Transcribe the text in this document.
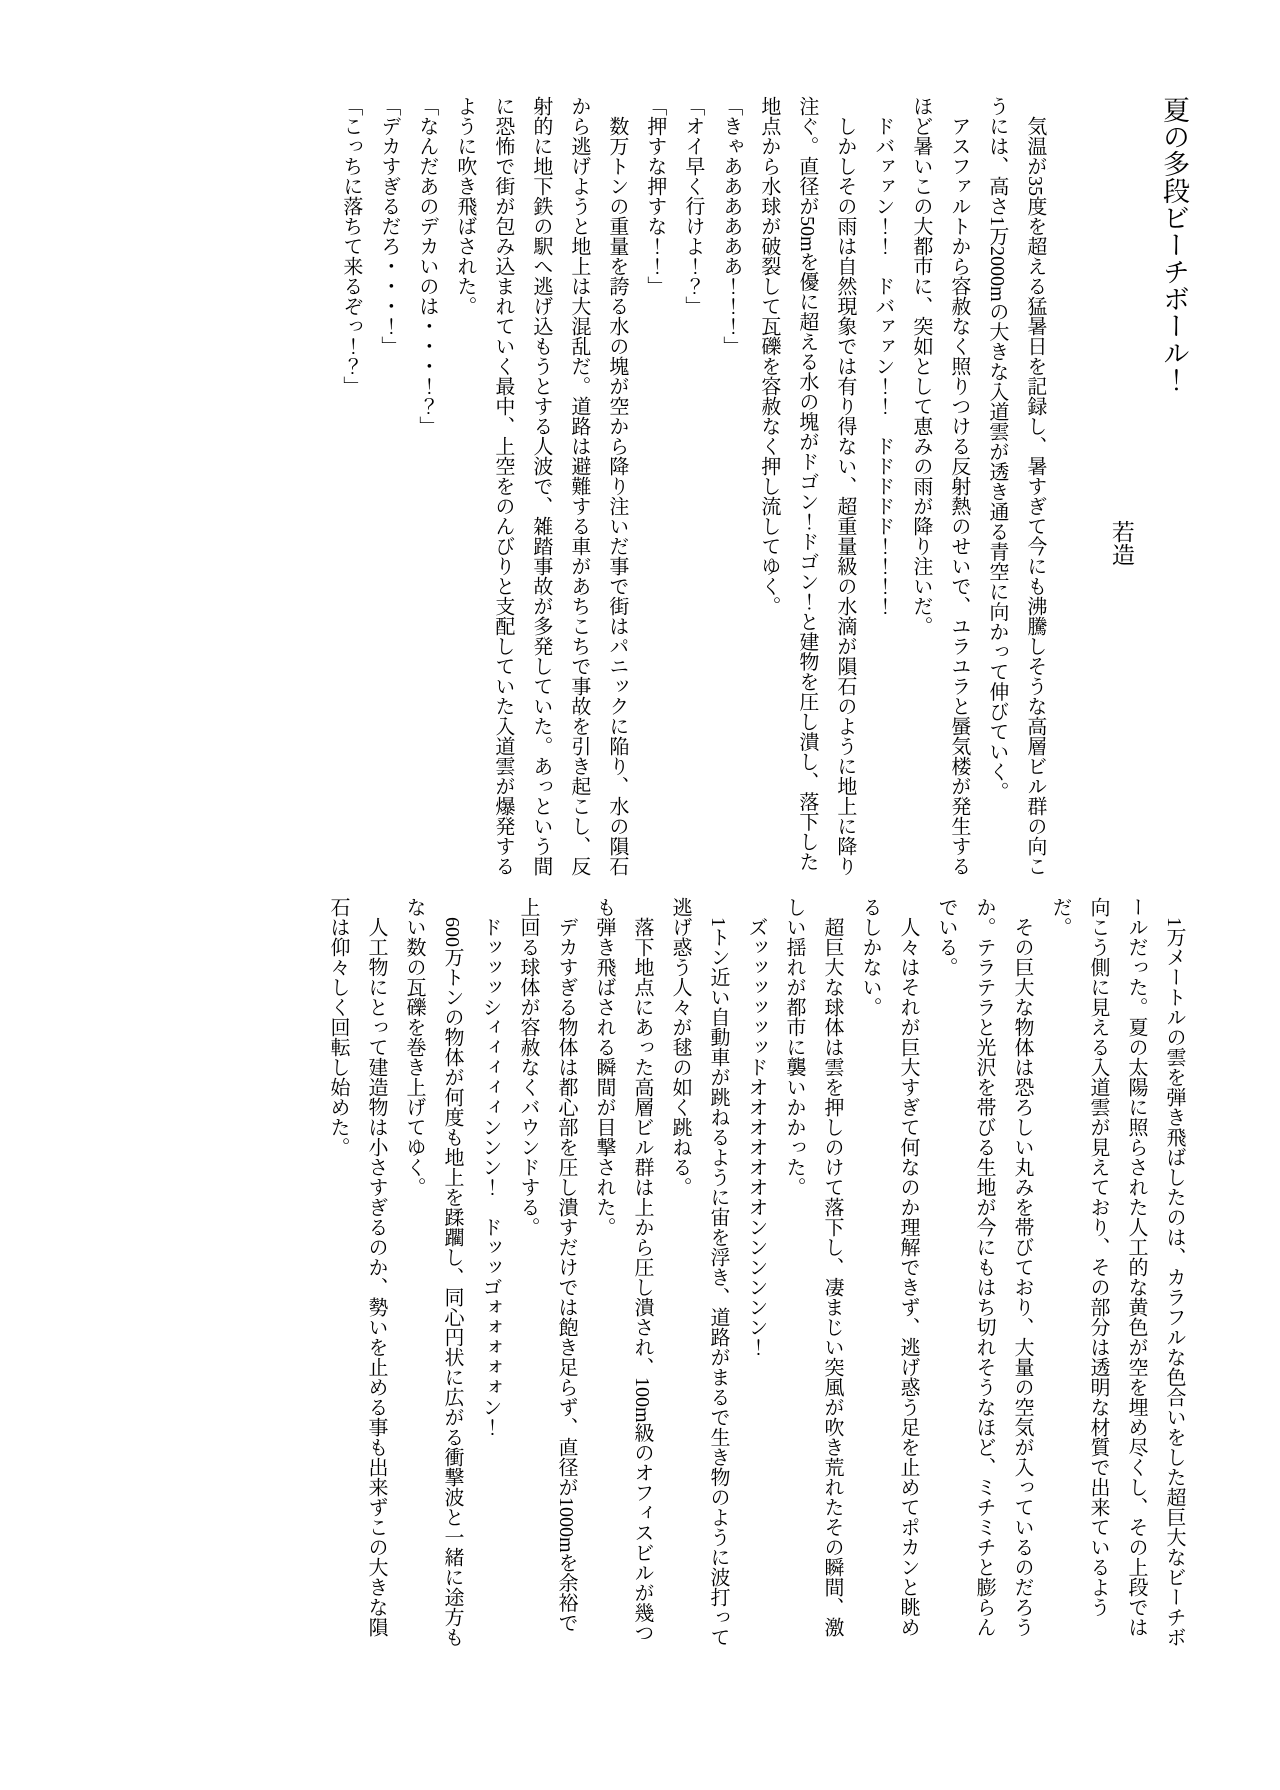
夏の多段ビーチボール！

若造

気温が35度を超える猛暑日を記録し、暑すぎて今にも沸騰しそうな高層ビル群の向こうには、高さ1万2000mの大きな入道雲が透き通る青空に向かって伸びていく。

アスファルトから容赦なく照りつける反射熱のせいで、ユラユラと蜃気楼が発生するほど暑いこの大都市に、突如として恵みの雨が降り注いだ。

ドバァァン！！　ドバァァン！！　ドドドドド！！！！

しかしその雨は自然現象では有り得ない、超重量級の水滴が隕石のように地上に降り注ぐ。直径が50mを優に超える水の塊がドゴン！ドゴン！と建物を圧し潰し、落下した地点から水球が破裂して瓦礫を容赦なく押し流してゆく。

「きゃああああああ！！！」

「オイ早く行けよ！？」

「押すな押すな！！」

数万トンの重量を誇る水の塊が空から降り注いだ事で街はパニックに陥り、水の隕石から逃げようと地上は大混乱だ。道路は避難する車があちこちで事故を引き起こし、反射的に地下鉄の駅へ逃げ込もうとする人波で、雑踏事故が多発していた。あっという間に恐怖で街が包み込まれていく最中、上空をのんびりと支配していた入道雲が爆発するように吹き飛ばされた。

「なんだあのデカいのは・・・！？」

「デカすぎるだろ・・・！」

「こっちに落ちて来るぞっ！？」

1万メートルの雲を弾き飛ばしたのは、カラフルな色合いをした超巨大なビーチボールだった。夏の太陽に照らされた人工的な黄色が空を埋め尽くし、その上段では向こう側に見える入道雲が見えており、その部分は透明な材質で出来ているようだ。

その巨大な物体は恐ろしい丸みを帯びており、大量の空気が入っているのだろうか。テラテラと光沢を帯びる生地が今にもはち切れそうなほど、ミチミチと膨らんでいる。

人々はそれが巨大すぎて何なのか理解できず、逃げ惑う足を止めてポカンと眺めるしかない。

超巨大な球体は雲を押しのけて落下し、凄まじい突風が吹き荒れたその瞬間、激しい揺れが都市に襲いかかった。

ズッッッッッッドオオオオオオオンンンンンン！

1トン近い自動車が跳ねるように宙を浮き、道路がまるで生き物のように波打って逃げ惑う人々が毬の如く跳ねる。

落下地点にあった高層ビル群は上から圧し潰され、100m級のオフィスビルが幾つも弾き飛ばされる瞬間が目撃された。

デカすぎる物体は都心部を圧し潰すだけでは飽き足らず、直径が1000mを余裕で上回る球体が容赦なくバウンドする。

ドッッッシィィィィィンンン！　ドッッゴォォォォォン！

600万トンの物体が何度も地上を蹂躙し、同心円状に広がる衝撃波と一緒に途方もない数の瓦礫を巻き上げてゆく。

人工物にとって建造物は小さすぎるのか、勢いを止める事も出来ずこの大きな隕石は仰々しく回転し始めた。
